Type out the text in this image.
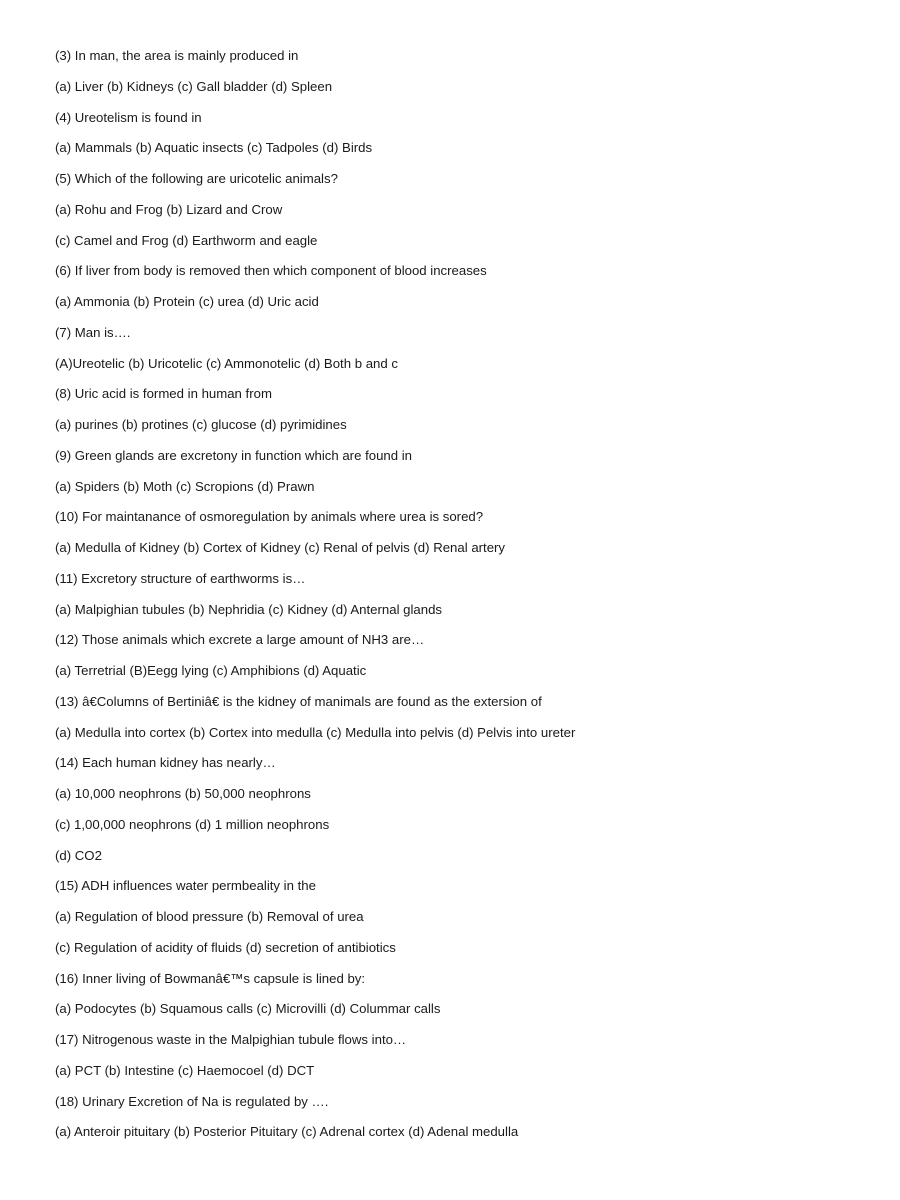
(3) In man, the area is mainly produced in
(a) Liver (b) Kidneys (c) Gall bladder (d) Spleen
(4) Ureotelism is found in
(a) Mammals (b) Aquatic insects (c) Tadpoles (d) Birds
(5) Which of the following are uricotelic animals?
(a) Rohu and Frog (b) Lizard and Crow
(c) Camel and Frog (d) Earthworm and eagle
(6) If liver from body is removed then which component of blood increases
(a) Ammonia (b) Protein (c) urea (d) Uric acid
(7) Man is….
(A)Ureotelic (b) Uricotelic (c) Ammonotelic (d) Both b and c
(8) Uric acid is formed in human from
(a) purines (b) protines (c) glucose (d) pyrimidines
(9) Green glands are excretony in function which are found in
(a) Spiders (b) Moth (c) Scropions (d) Prawn
(10) For maintanance of osmoregulation by animals where urea is sored?
(a) Medulla of Kidney (b) Cortex of Kidney (c) Renal of pelvis (d) Renal artery
(11) Excretory structure of earthworms is…
(a) Malpighian tubules (b) Nephridia (c) Kidney (d) Anternal glands
(12) Those animals which excrete a large amount of NH3 are…
(a) Terretrial (B)Eegg lying (c) Amphibions (d) Aquatic
(13) â€Columns of Bertiniâ€ is the kidney of manimals are found as the extersion of
(a) Medulla into cortex (b) Cortex into medulla (c) Medulla into pelvis (d) Pelvis into ureter
(14) Each human kidney has nearly…
(a) 10,000 neophrons (b) 50,000 neophrons
(c) 1,00,000 neophrons (d) 1 million neophrons
(d) CO2
(15) ADH influences water permbeality in the
(a) Regulation of blood pressure (b) Removal of urea
(c) Regulation of acidity of fluids (d) secretion of antibiotics
(16) Inner living of Bowmanâ€™s capsule is lined by:
(a) Podocytes (b) Squamous calls (c) Microvilli (d) Colummar calls
(17) Nitrogenous waste in the Malpighian tubule flows into…
(a) PCT (b) Intestine (c) Haemocoel (d) DCT
(18) Urinary Excretion of Na is regulated by ….
(a) Anteroir pituitary (b) Posterior Pituitary (c) Adrenal cortex (d) Adenal medulla
